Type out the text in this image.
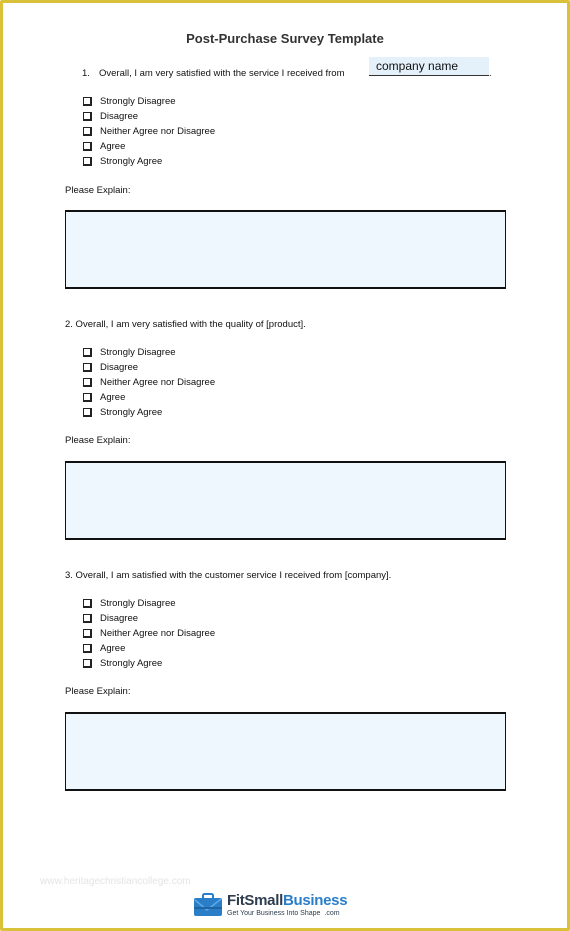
Post-Purchase Survey Template
1. Overall, I am very satisfied with the service I received from
company name
.
Strongly Disagree
Disagree
Neither Agree nor Disagree
Agree
Strongly Agree
Please Explain:
2. Overall, I am very satisfied with the quality of [product].
Strongly Disagree
Disagree
Neither Agree nor Disagree
Agree
Strongly Agree
Please Explain:
3. Overall, I am satisfied with the customer service I received from [company].
Strongly Disagree
Disagree
Neither Agree nor Disagree
Agree
Strongly Agree
Please Explain:
www.heritagechristiancollege.com
FitSmallBusiness
Get Your Business Into Shape .com
